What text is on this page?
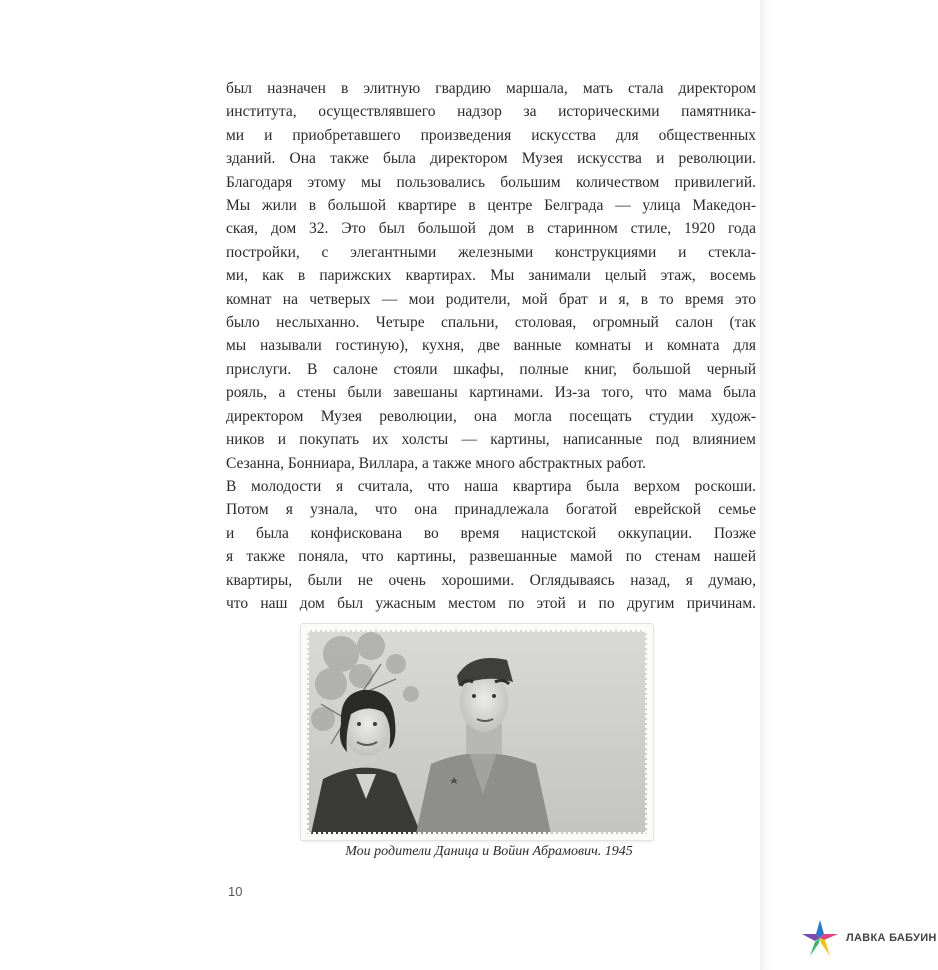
был назначен в элитную гвардию маршала, мать стала директором
института, осуществлявшего надзор за историческими памятника-
ми и приобретавшего произведения искусства для общественных
зданий. Она также была директором Музея искусства и революции.
Благодаря этому мы пользовались большим количеством привилегий.
Мы жили в большой квартире в центре Белграда — улица Македон-
ская, дом 32. Это был большой дом в старинном стиле, 1920 года
постройки, с элегантными железными конструкциями и стекла-
ми, как в парижских квартирах. Мы занимали целый этаж, восемь
комнат на четверых — мои родители, мой брат и я, в то время это
было неслыханно. Четыре спальни, столовая, огромный салон (так
мы называли гостиную), кухня, две ванные комнаты и комната для
прислуги. В салоне стояли шкафы, полные книг, большой черный
рояль, а стены были завешаны картинами. Из-за того, что мама была
директором Музея революции, она могла посещать студии худож-
ников и покупать их холсты — картины, написанные под влиянием
Сезанна, Бонниара, Виллара, а также много абстрактных работ.
В молодости я считала, что наша квартира была верхом роскоши.
Потом я узнала, что она принадлежала богатой еврейской семье
и была конфискована во время нацистской оккупации. Позже
я также поняла, что картины, развешанные мамой по стенам нашей
квартиры, были не очень хорошими. Оглядываясь назад, я думаю,
что наш дом был ужасным местом по этой и по другим причинам.
Мои родители Даница и Войин Абрамович. 1945
10
ЛАВКА БАБУИН
